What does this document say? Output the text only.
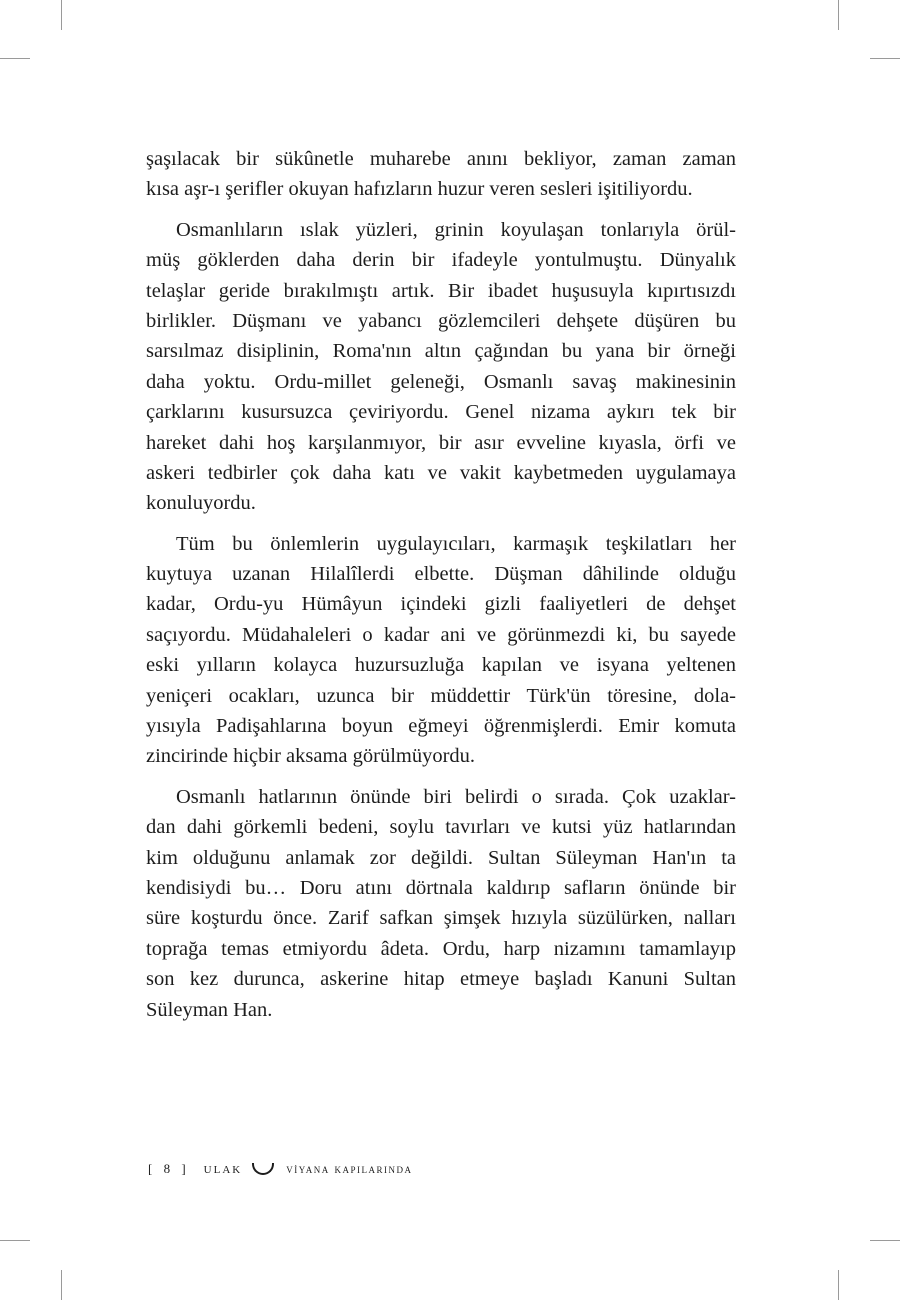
şaşılacak bir sükûnetle muharebe anını bekliyor, zaman zaman
kısa aşr-ı şerifler okuyan hafızların huzur veren sesleri işitiliyordu.
Osmanlıların ıslak yüzleri, grinin koyulaşan tonlarıyla örül-
müş göklerden daha derin bir ifadeyle yontulmuştu. Dünyalık
telaşlar geride bırakılmıştı artık. Bir ibadet huşusuyla kıpırtısızdı
birlikler. Düşmanı ve yabancı gözlemcileri dehşete düşüren bu
sarsılmaz disiplinin, Roma'nın altın çağından bu yana bir örneği
daha yoktu. Ordu-millet geleneği, Osmanlı savaş makinesinin
çarklarını kusursuzca çeviriyordu. Genel nizama aykırı tek bir
hareket dahi hoş karşılanmıyor, bir asır evveline kıyasla, örfi ve
askeri tedbirler çok daha katı ve vakit kaybetmeden uygulamaya
konuluyordu.
Tüm bu önlemlerin uygulayıcıları, karmaşık teşkilatları her
kuytuya uzanan Hilalîlerdi elbette. Düşman dâhilinde olduğu
kadar, Ordu-yu Hümâyun içindeki gizli faaliyetleri de dehşet
saçıyordu. Müdahaleleri o kadar ani ve görünmezdi ki, bu sayede
eski yılların kolayca huzursuzluğa kapılan ve isyana yeltenen
yeniçeri ocakları, uzunca bir müddettir Türk'ün töresine, dola-
yısıyla Padişahlarına boyun eğmeyi öğrenmişlerdi. Emir komuta
zincirinde hiçbir aksama görülmüyordu.
Osmanlı hatlarının önünde biri belirdi o sırada. Çok uzaklar-
dan dahi görkemli bedeni, soylu tavırları ve kutsi yüz hatlarından
kim olduğunu anlamak zor değildi. Sultan Süleyman Han'ın ta
kendisiydi bu… Doru atını dörtnala kaldırıp safların önünde bir
süre koşturdu önce. Zarif safkan şimşek hızıyla süzülürken, nalları
toprağa temas etmiyordu âdeta. Ordu, harp nizamını tamamlayıp
son kez durunca, askerine hitap etmeye başladı Kanuni Sultan
Süleyman Han.
[ 8 ] ulak	vi̇yana kapilarinda
